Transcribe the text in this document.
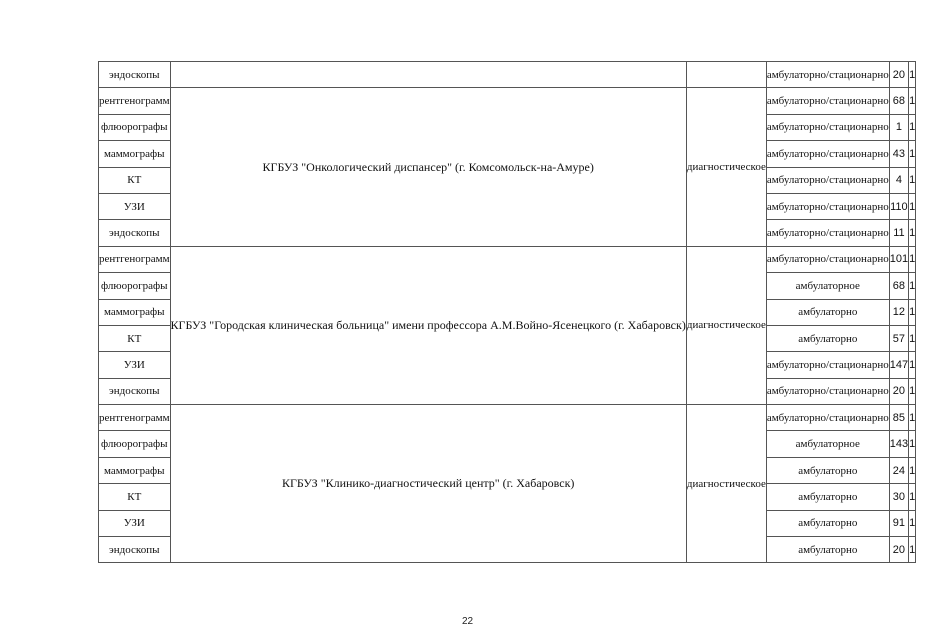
эндоскопы			амбулаторно/стационарно	20	1
рентгенограмм	КГБУЗ "Онкологический диспансер" (г. Комсомольск-на-Амуре)	диагностическое	амбулаторно/стационарно	68	1
флюорографы			амбулаторно/стационарно	1	1
маммографы			амбулаторно/стационарно	43	1
КТ			амбулаторно/стационарно	4	1
УЗИ			амбулаторно/стационарно	110	1
эндоскопы			амбулаторно/стационарно	11	1
рентгенограмм	КГБУЗ "Городская клиническая больница" имени профессора А.М.Войно-Ясенецкого (г. Хабаровск)	диагностическое	амбулаторно/стационарно	101	1
флюорографы			амбулаторное	68	1
маммографы			амбулаторно	12	1
КТ			амбулаторно	57	1
УЗИ			амбулаторно/стационарно	147	1
эндоскопы			амбулаторно/стационарно	20	1
рентгенограмм	КГБУЗ "Клинико-диагностический центр" (г. Хабаровск)	диагностическое	амбулаторно/стационарно	85	1
флюорографы			амбулаторное	143	1
маммографы			амбулаторно	24	1
КТ			амбулаторно	30	1
УЗИ			амбулаторно	91	1
эндоскопы			амбулаторно	20	1
22
